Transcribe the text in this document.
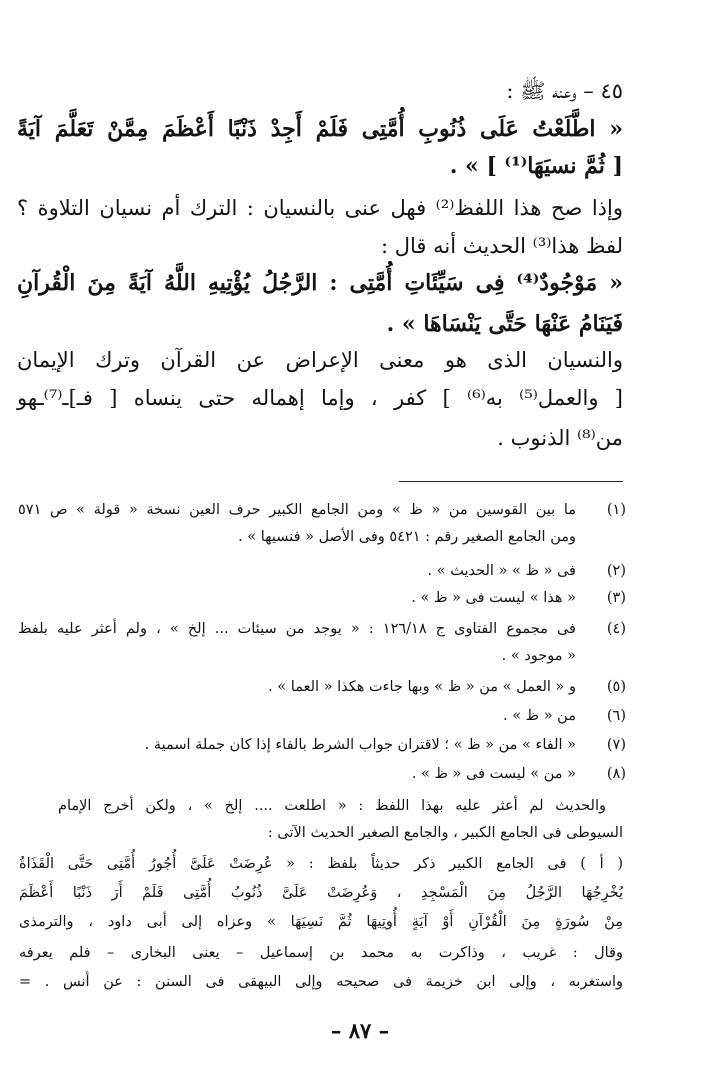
٤٥ – وعنه ﷺ :
« اطَّلَعْتُ عَلَى ذُنُوبِ أُمَّتِى فَلَمْ أَجِدْ ذَنْبًا أَعْظَمَ مِمَّنْ تَعَلَّمَ آيَةً
[ ثُمَّ نسيَهَا⁽¹⁾ ] » .
وإذا صح هذا اللفظ⁽²⁾ فهل عنى بالنسيان : الترك أم نسيان التلاوة ؟
لفظ هذا⁽³⁾ الحديث أنه قال :
« مَوْجُودٌ⁽⁴⁾ فِى سَيِّئَاتِ أُمَّتِى : الرَّجُلُ يُؤْتِيهِ اللَّهُ آيَةً مِنَ الْقُرآنِ
فَيَنَامُ عَنْهَا حَتَّى يَنْسَاهَا » .
والنسيان الذى هو معنى الإعراض عن القرآن وترك الإيمان
[ والعمل⁽⁵⁾ به⁽⁶⁾ ] كفر ، وإما إهماله حتى ينساه [ فـ]ـ⁽⁷⁾ـهو
من⁽⁸⁾ الذنوب .
(١)
ما بين القوسين من « ظ » ومن الجامع الكبير حرف العين نسخة « قولة » ص ٥٧١
ومن الجامع الصغير رقم : ٥٤٢١ وفى الأصل « فنسيها » .
(٢)
فى « ظ » « الحديث » .
(٣)
« هذا » ليست فى « ظ » .
(٤)
فى مجموع الفتاوى ج ١٢٦/١٨ : « يوجد من سيئات ... إلخ » ، ولم أعثر عليه بلفظ
« موجود » .
(٥)
و « العمل » من « ظ » وبها جاءت هكذا « العما » .
(٦)
من « ظ » .
(٧)
« الفاء » من « ظ » ؛ لاقتران جواب الشرط بالفاء إذا كان جملة اسمية .
(٨)
« من » ليست فى « ظ » .
والحديث لم أعثر عليه بهذا اللفظ : « اطلعت .... إلخ » ، ولكن أخرج الإمام
السيوطى فى الجامع الكبير ، والجامع الصغير الحديث الآتى :
( أ ) فى الجامع الكبير ذكر حديثاً بلفظ : « عُرِضَتْ عَلَىَّ أُجُورُ أُمَّتِى حَتَّى الْقَذَاةُ
يُخْرِجُهَا الرَّجُلُ مِنَ الْمَسْجِدِ ، وَعُرِضَتْ عَلَىَّ ذُنُوبُ أُمَّتِى فَلَمْ أَرَ ذَنْبًا أَعْظَمَ
مِنْ سُورَةٍ مِنَ الْقُرْآنِ أَوْ آيَةٍ أُوتِيهَا ثُمَّ نَسِيَهَا » وعزاه إلى أبى داود ، والترمذى
وقال : غريب ، وذاكرت به محمد بن إسماعيل – يعنى البخارى – فلم يعرفه
واستغربه ، وإلى ابن خزيمة فى صحيحه وإلى البيهقى فى السنن : عن أنس . =
– ٨٧ –
